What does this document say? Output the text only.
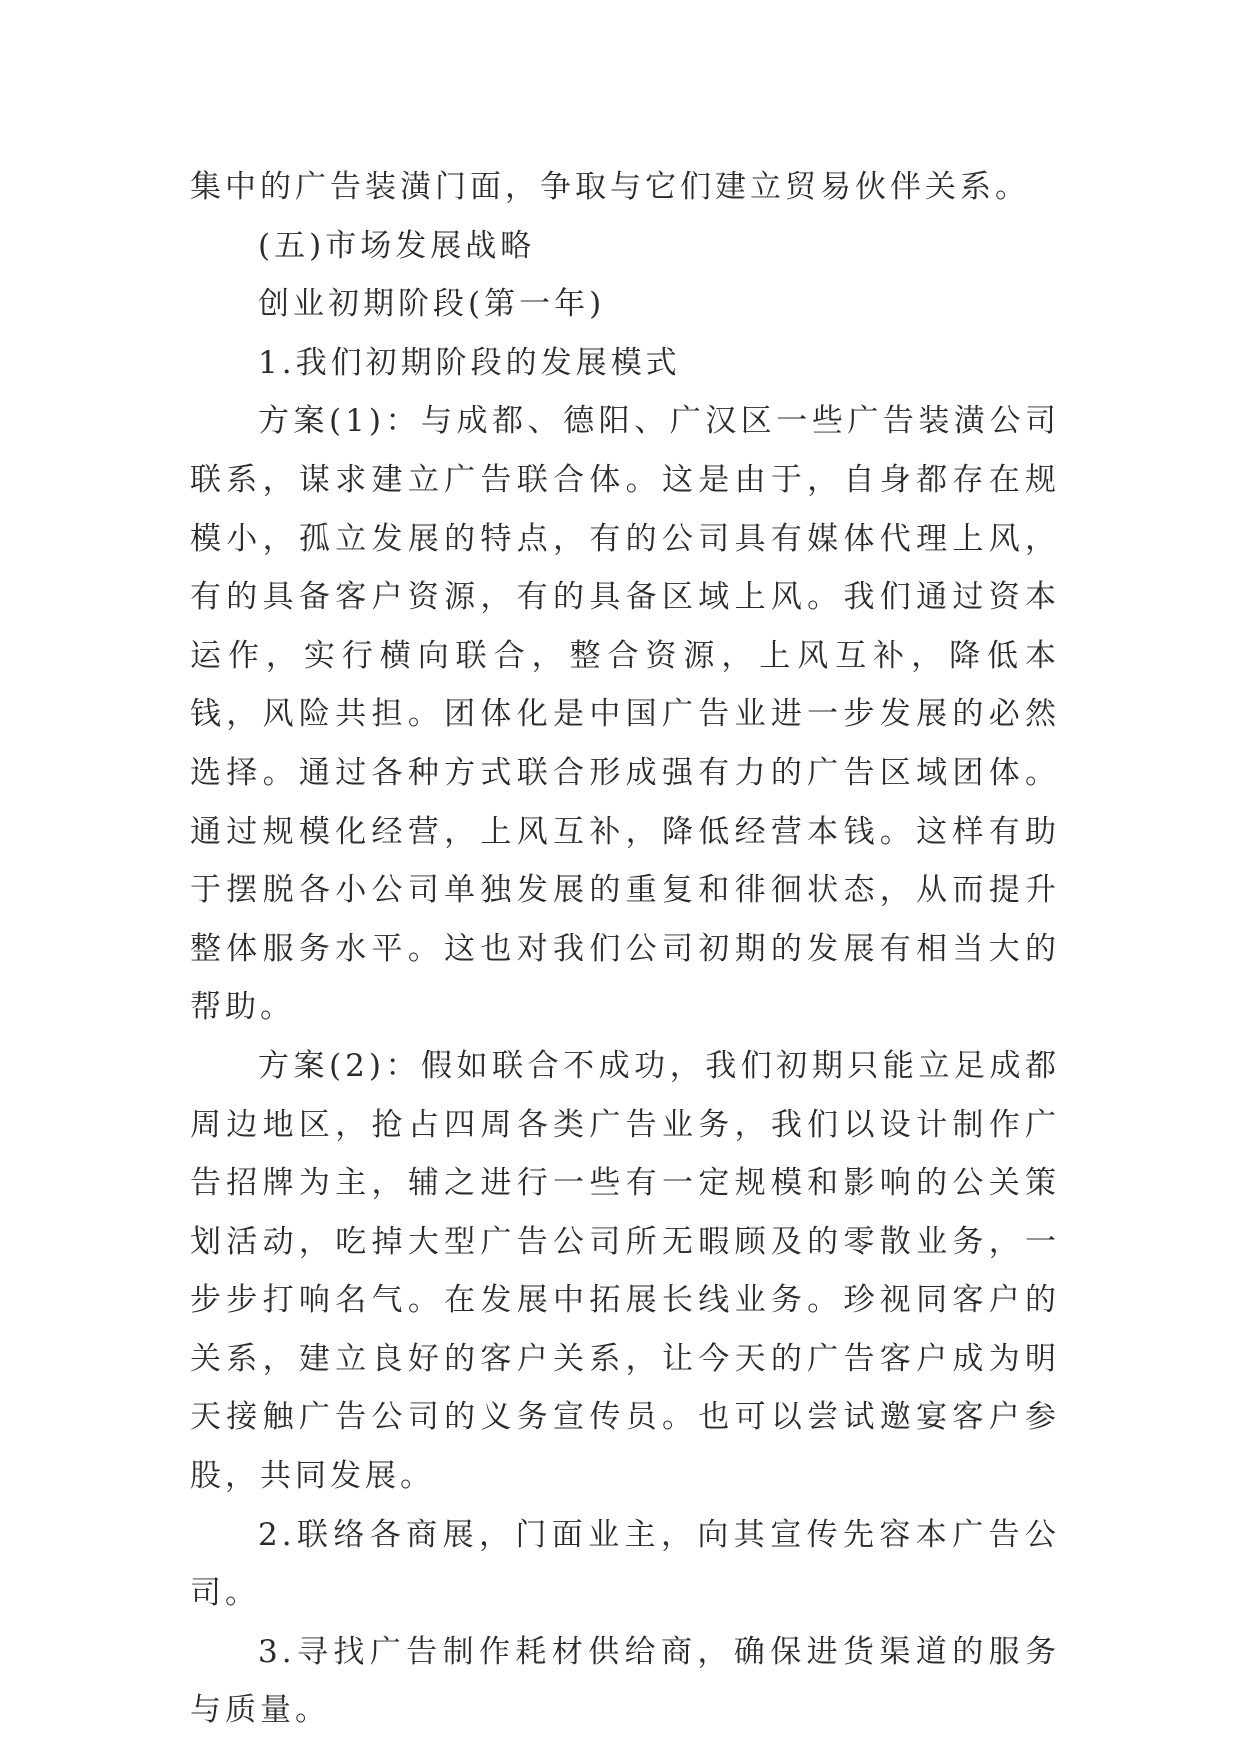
集中的广告装潢门面，争取与它们建立贸易伙伴关系。

(五)市场发展战略

创业初期阶段(第一年)

1.我们初期阶段的发展模式

方案(1)：与成都、德阳、广汉区一些广告装潢公司联系，谋求建立广告联合体。这是由于，自身都存在规模小，孤立发展的特点，有的公司具有媒体代理上风，有的具备客户资源，有的具备区域上风。我们通过资本运作，实行横向联合，整合资源，上风互补，降低本钱，风险共担。团体化是中国广告业进一步发展的必然选择。通过各种方式联合形成强有力的广告区域团体。通过规模化经营，上风互补，降低经营本钱。这样有助于摆脱各小公司单独发展的重复和徘徊状态，从而提升整体服务水平。这也对我们公司初期的发展有相当大的帮助。

方案(2)：假如联合不成功，我们初期只能立足成都周边地区，抢占四周各类广告业务，我们以设计制作广告招牌为主，辅之进行一些有一定规模和影响的公关策划活动，吃掉大型广告公司所无暇顾及的零散业务，一步步打响名气。在发展中拓展长线业务。珍视同客户的关系，建立良好的客户关系，让今天的广告客户成为明天接触广告公司的义务宣传员。也可以尝试邀宴客户参股，共同发展。

2.联络各商展，门面业主，向其宣传先容本广告公司。

3.寻找广告制作耗材供给商，确保进货渠道的服务与质量。
